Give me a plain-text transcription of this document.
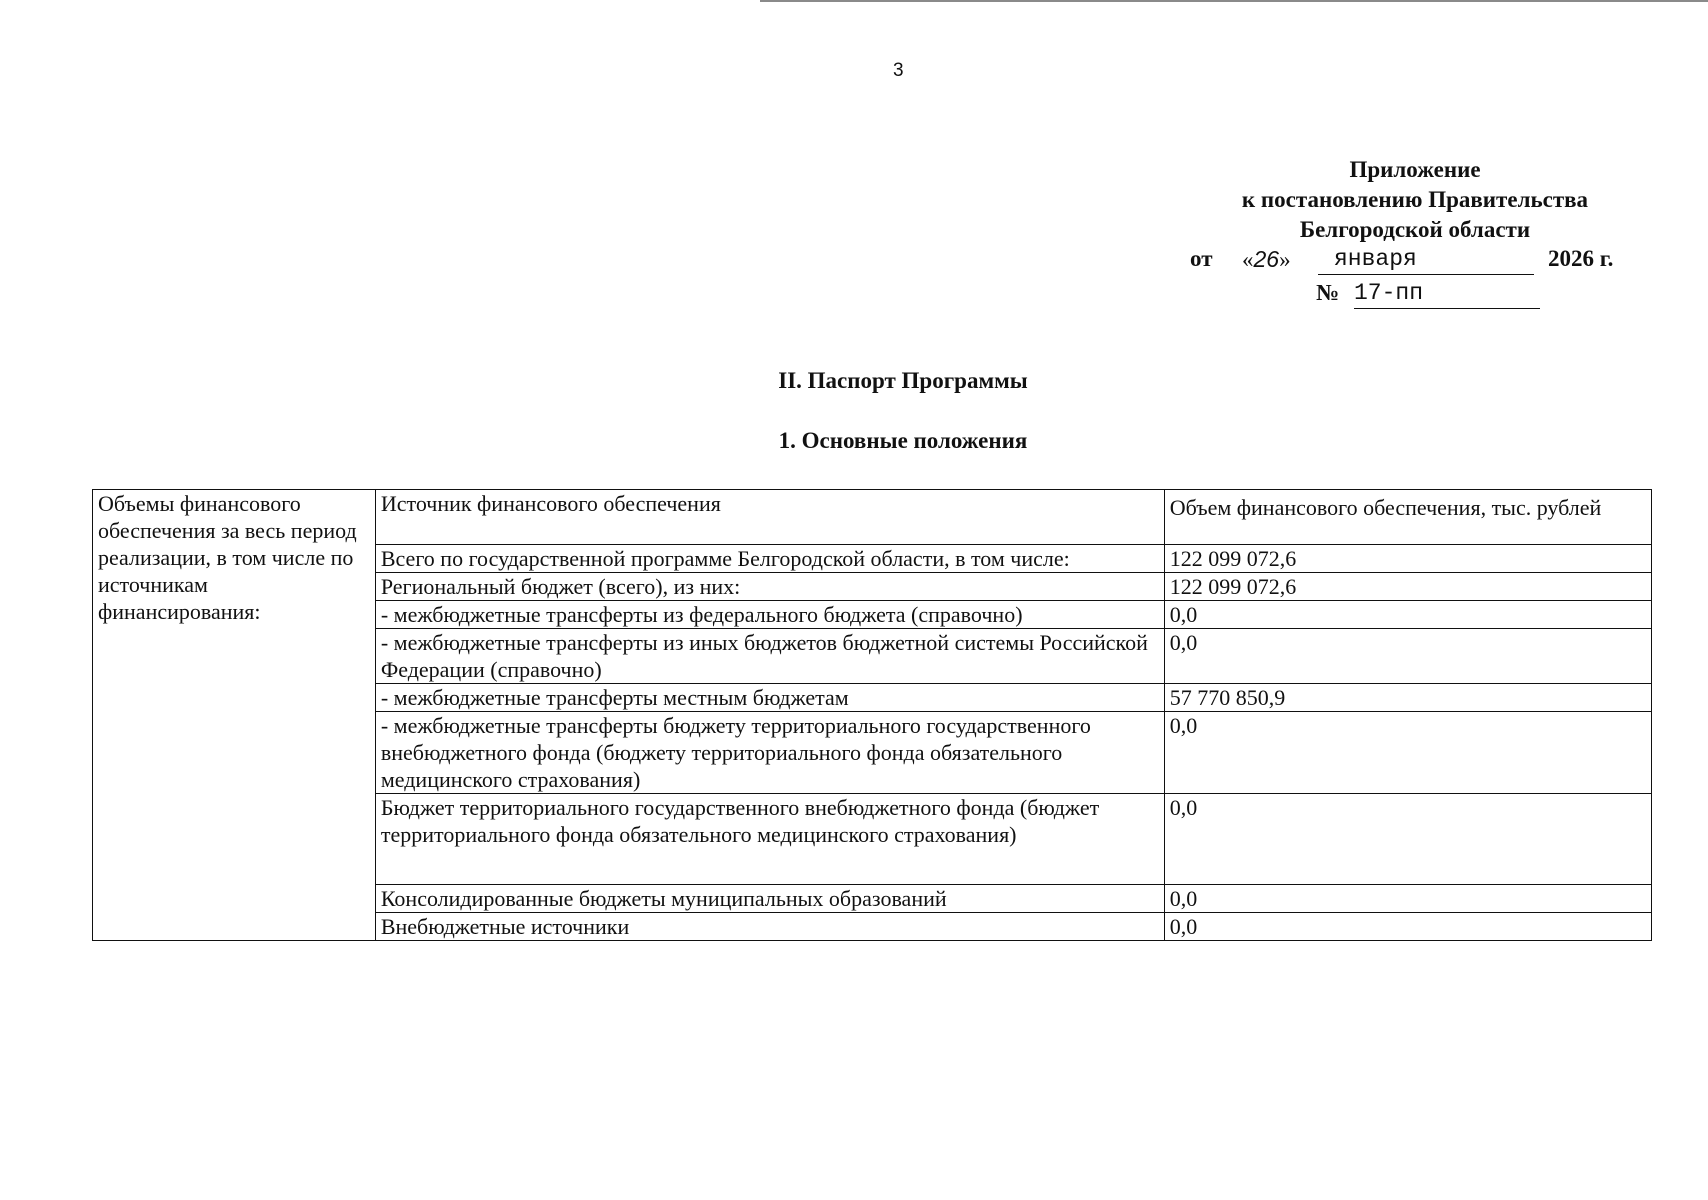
3
Приложение
к постановлению Правительства
Белгородской области
от «26»	января	2026 г.
№ 17-пп
II. Паспорт Программы
1. Основные положения
Объемы финансового обеспечения за весь период реализации, в том числе по источникам финансирования:	Источник финансового обеспечения	Объем финансового обеспечения, тыс. рублей
	Всего по государственной программе Белгородской области, в том числе:	122 099 072,6
	Региональный бюджет (всего), из них:	122 099 072,6
	- межбюджетные трансферты из федерального бюджета (справочно)	0,0
	- межбюджетные трансферты из иных бюджетов бюджетной системы Российской Федерации (справочно)	0,0
	- межбюджетные трансферты местным бюджетам	57 770 850,9
	- межбюджетные трансферты бюджету территориального государственного внебюджетного фонда (бюджету территориального фонда обязательного медицинского страхования)	0,0
	Бюджет территориального государственного внебюджетного фонда (бюджет территориального фонда обязательного медицинского страхования)	0,0
	Консолидированные бюджеты муниципальных образований	0,0
	Внебюджетные источники	0,0
